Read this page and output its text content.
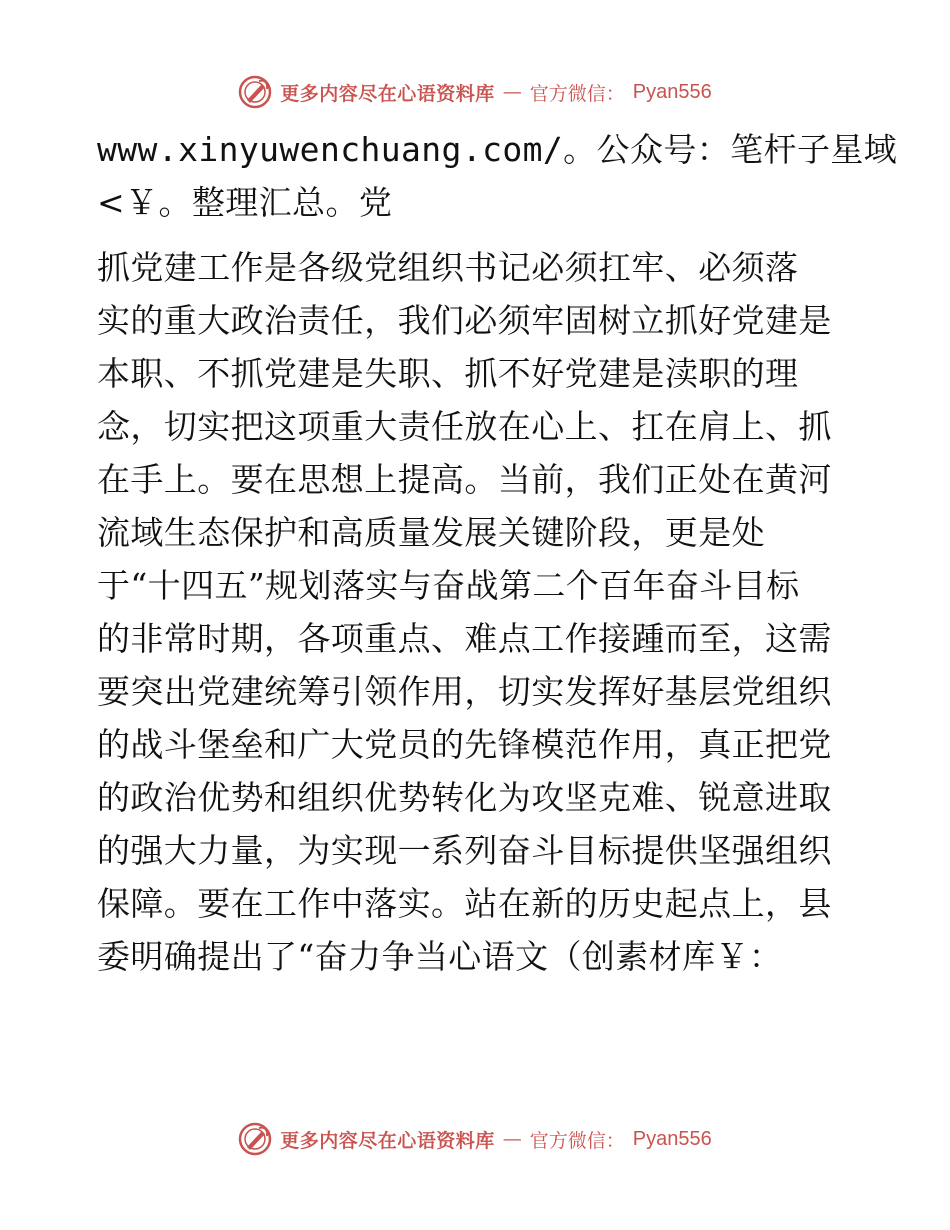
更多内容尽在心语资料库 — 官方微信： Pyan556
www.xinyuwenchuang.com/。公众号：笔杆子星域
<￥。整理汇总。党
抓党建工作是各级党组织书记必须扛牢、必须落
实的重大政治责任，我们必须牢固树立抓好党建是
本职、不抓党建是失职、抓不好党建是渎职的理
念，切实把这项重大责任放在心上、扛在肩上、抓
在手上。要在思想上提高。当前，我们正处在黄河
流域生态保护和高质量发展关键阶段，更是处
于“十四五”规划落实与奋战第二个百年奋斗目标
的非常时期，各项重点、难点工作接踵而至，这需
要突出党建统筹引领作用，切实发挥好基层党组织
的战斗堡垒和广大党员的先锋模范作用，真正把党
的政治优势和组织优势转化为攻坚克难、锐意进取
的强大力量，为实现一系列奋斗目标提供坚强组织
保障。要在工作中落实。站在新的历史起点上，县
委明确提出了“奋力争当心语文（创素材库￥：
更多内容尽在心语资料库 — 官方微信： Pyan556
